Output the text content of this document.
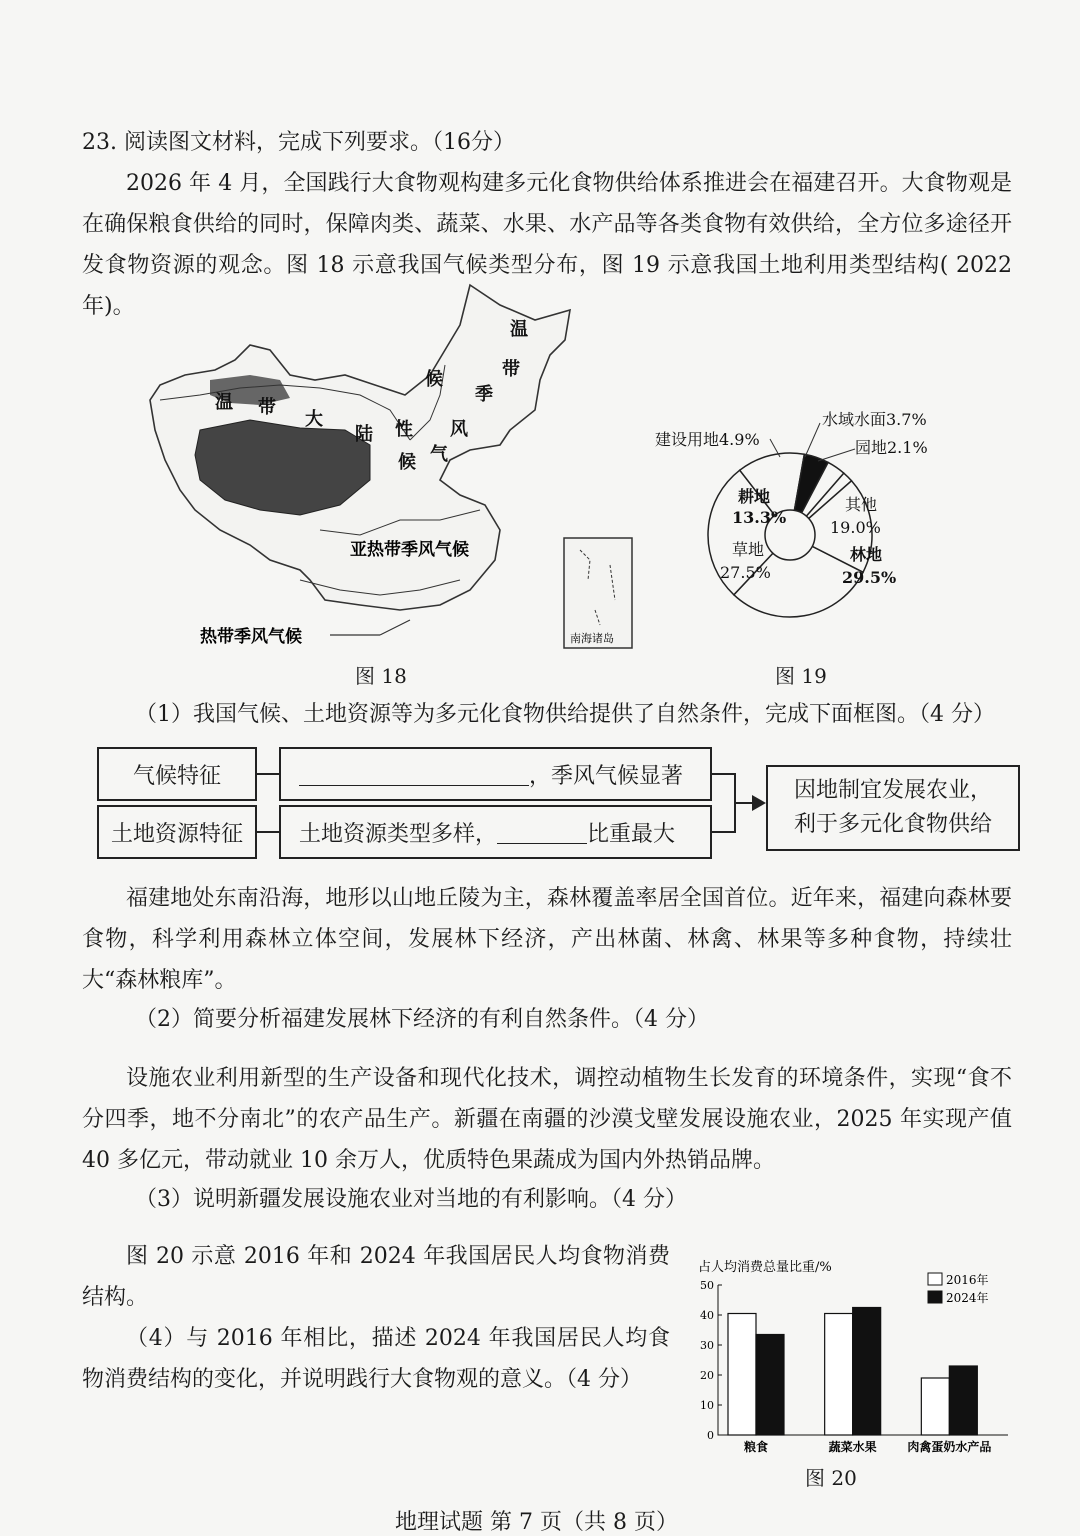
23. 阅读图文材料，完成下列要求。（16分）

2026 年 4 月，全国践行大食物观构建多元化食物供给体系推进会在福建召开。大食物观是在确保粮食供给的同时，保障肉类、蔬菜、水果、水产品等各类食物有效供给，全方位多途径开发食物资源的观念。图 18 示意我国气候类型分布，图 19 示意我国土地利用类型结构( 2022 年)。

南海诸岛
温 带
大
陆 性
候
温
带
季
风
候
气
亚热带季风气候
热带季风气候
图 18
林地
29.5%
草地
27.5%
耕地
13.3%
其他
19.0%
建设用地4.9%
水域水面3.7%
园地2.1%
图 19
（1）我国气候、土地资源等为多元化食物供给提供了自然条件，完成下面框图。（4 分）
气候特征
土地资源特征
，季风气候显著
土地资源类型多样，	比重最大
因地制宜发展农业，
利于多元化食物供给

福建地处东南沿海，地形以山地丘陵为主，森林覆盖率居全国首位。近年来，福建向森林要食物，科学利用森林立体空间，发展林下经济，产出林菌、林禽、林果等多种食物，持续壮大“森林粮库”。

（2）简要分析福建发展林下经济的有利自然条件。（4 分）

设施农业利用新型的生产设备和现代化技术，调控动植物生长发育的环境条件，实现“食不分四季，地不分南北”的农产品生产。新疆在南疆的沙漠戈壁发展设施农业，2025 年实现产值 40 多亿元，带动就业 10 余万人，优质特色果蔬成为国内外热销品牌。

（3）说明新疆发展设施农业对当地的有利影响。（4 分）

图 20 示意 2016 年和 2024 年我国居民人均食物消费结构。

（4）与 2016 年相比，描述 2024 年我国居民人均食物消费结构的变化，并说明践行大食物观的意义。（4 分）

占人均消费总量比重/%
0
10
20
30
40
50
粮食	蔬菜水果	肉禽蛋奶水产品
2016年
2024年
图 20
地理试题 第 7 页（共 8 页）
